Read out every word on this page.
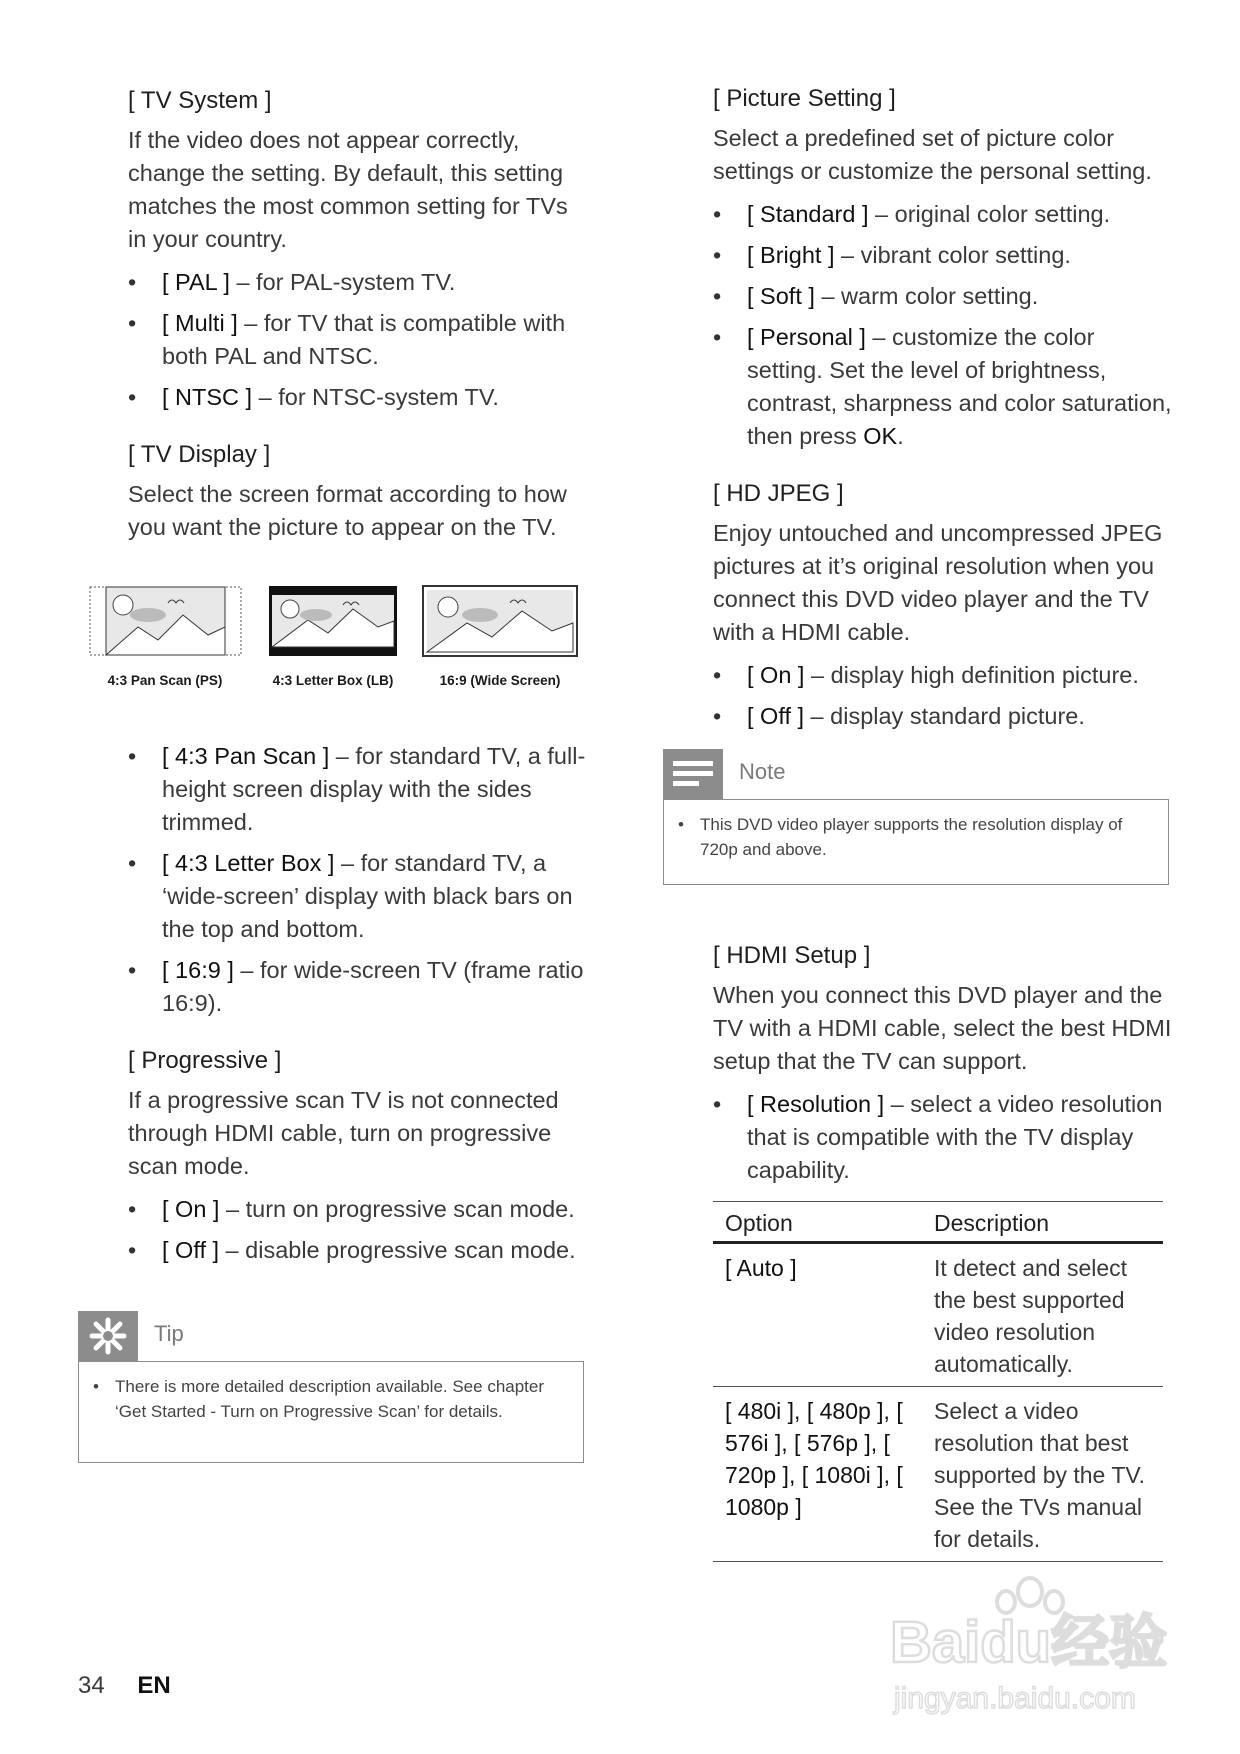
[ TV System ]

If the video does not appear correctly, change the setting. By default, this setting matches the most common setting for TVs in your country.

• [ PAL ] – for PAL-system TV.
• [ Multi ] – for TV that is compatible with both PAL and NTSC.
• [ NTSC ] – for NTSC-system TV.
[ TV Display ]

Select the screen format according to how you want the picture to appear on the TV.

• [ 4:3 Pan Scan ] – for standard TV, a full-height screen display with the sides trimmed.
• [ 4:3 Letter Box ] – for standard TV, a ‘wide-screen’ display with black bars on the top and bottom.
• [ 16:9 ] – for wide-screen TV (frame ratio 16:9).
[ Progressive ]

If a progressive scan TV is not connected through HDMI cable, turn on progressive scan mode.

• [ On ] – turn on progressive scan mode.
• [ Off ] – disable progressive scan mode.
4:3 Pan Scan (PS)	4:3 Letter Box (LB)	16:9 (Wide Screen)
Tip
• There is more detailed description available. See chapter ‘Get Started - Turn on Progressive Scan’ for details.
[ Picture Setting ]

Select a predefined set of picture color settings or customize the personal setting.

• [ Standard ] – original color setting.
• [ Bright ] – vibrant color setting.
• [ Soft ] – warm color setting.
• [ Personal ] – customize the color setting. Set the level of brightness, contrast, sharpness and color saturation, then press OK.
[ HD JPEG ]

Enjoy untouched and uncompressed JPEG pictures at it’s original resolution when you connect this DVD video player and the TV with a HDMI cable.

• [ On ] – display high definition picture.
• [ Off ] – display standard picture.
[ HDMI Setup ]

When you connect this DVD player and the TV with a HDMI cable, select the best HDMI setup that the TV can support.

• [ Resolution ] – select a video resolution that is compatible with the TV display capability.
Option	Description
[ Auto ]	It detect and select the best supported video resolution automatically.
[ 480i ], [ 480p ], [ 576i ], [ 576p ], [ 720p ], [ 1080i ], [ 1080p ]	Select a video resolution that best supported by the TV. See the TVs manual for details.
Note
• This DVD video player supports the resolution display of 720p and above.
34 EN
Baidu经验
jingyan.baidu.com
